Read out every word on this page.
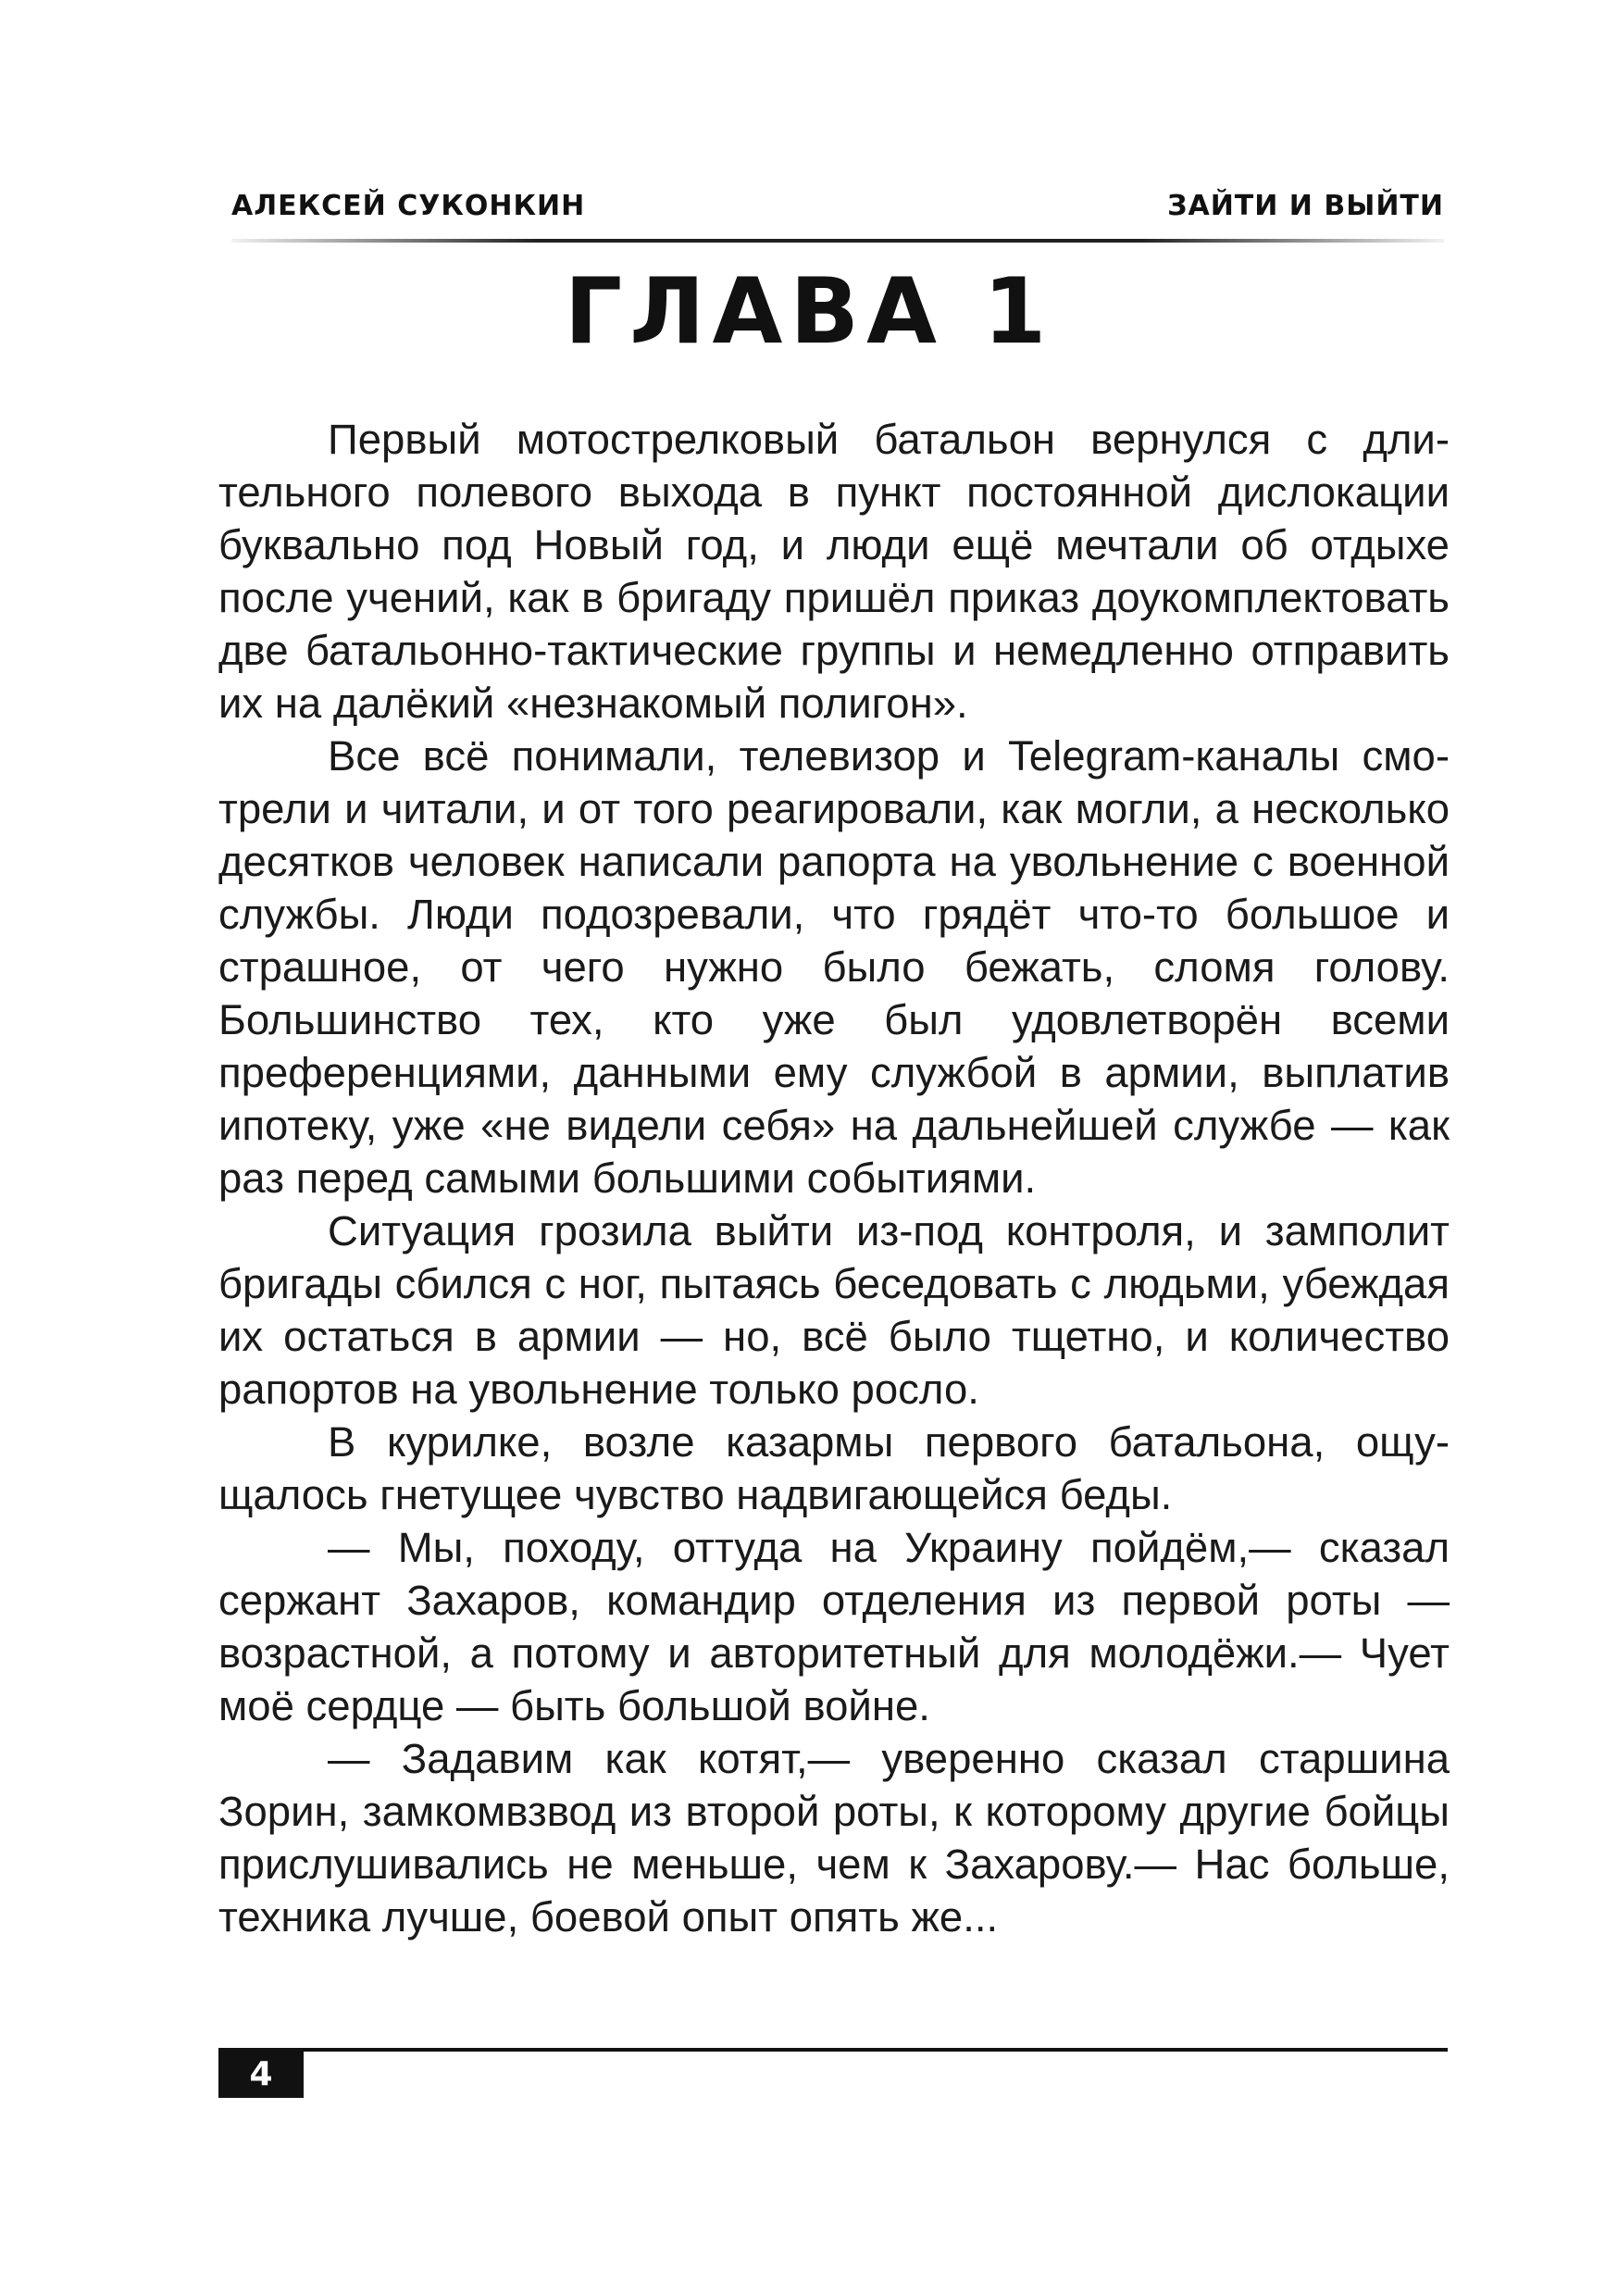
АЛЕКСЕЙ СУКОНКИН	ЗАЙТИ И ВЫЙТИ
ГЛАВА 1

Первый мотострелковый батальон вернулся с длительного полевого выхода в пункт постоянной дислокации буквально под Новый год, и люди ещё мечтали об отдыхе после учений, как в бригаду пришёл приказ доукомплектовать две батальонно-тактические группы и немедленно отправить их на далёкий «незнакомый полигон».

Все всё понимали, телевизор и Telegram-каналы смотрели и читали, и от того реагировали, как могли, а несколько десятков человек написали рапорта на увольнение с военной службы. Люди подозревали, что грядёт что-то большое и страшное, от чего нужно было бежать, сломя голову. Большинство тех, кто уже был удовлетворён всеми преференциями, данными ему службой в армии, выплатив ипотеку, уже «не видели себя» на дальнейшей службе — как раз перед самыми большими событиями.

Ситуация грозила выйти из-под контроля, и замполит бригады сбился с ног, пытаясь беседовать с людьми, убеждая их остаться в армии — но, всё было тщетно, и количество рапортов на увольнение только росло.

В курилке, возле казармы первого батальона, ощущалось гнетущее чувство надвигающейся беды.

— Мы, походу, оттуда на Украину пойдём,— сказал сержант Захаров, командир отделения из первой роты — возрастной, а потому и авторитетный для молодёжи.— Чует моё сердце — быть большой войне.

— Задавим как котят,— уверенно сказал старшина Зорин, замкомвзвод из второй роты, к которому другие бойцы прислушивались не меньше, чем к Захарову.— Нас больше, техника лучше, боевой опыт опять же...

4
